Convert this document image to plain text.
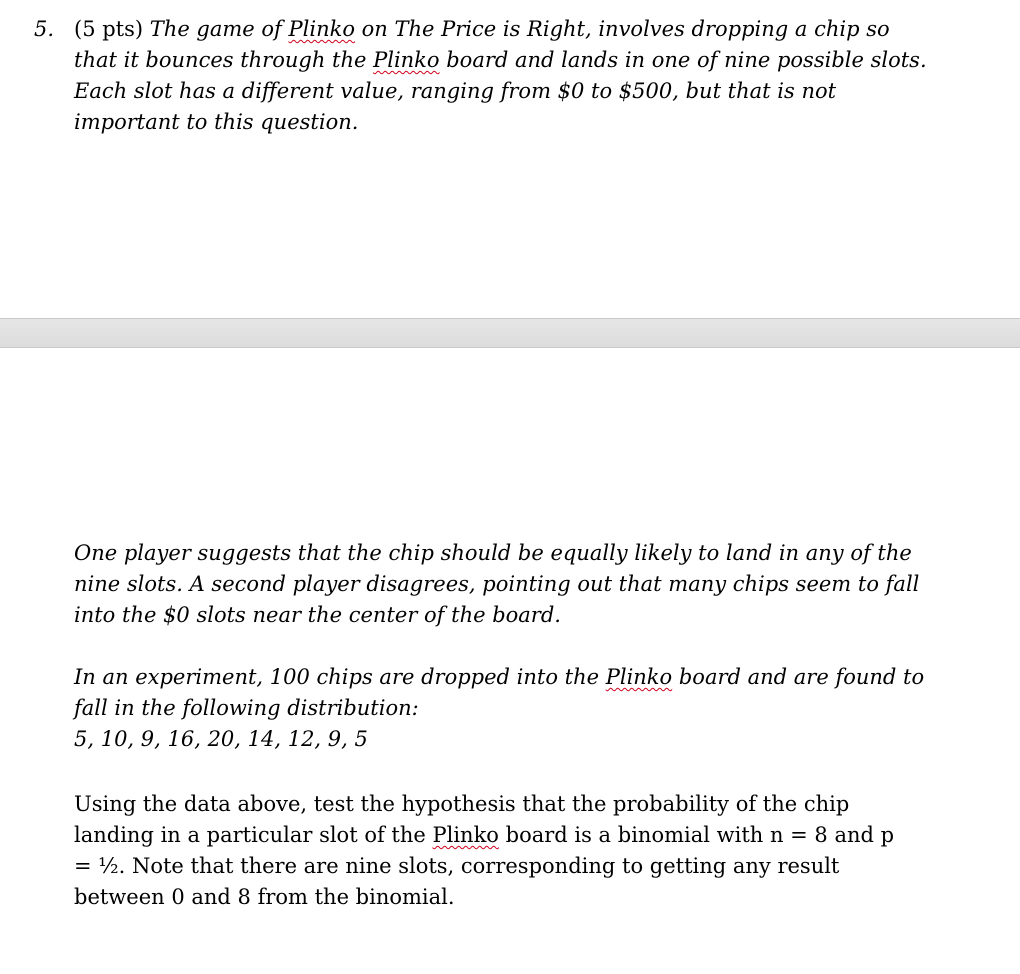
5. (5 pts) The game of Plinko on The Price is Right, involves dropping a chip so
that it bounces through the Plinko board and lands in one of nine possible slots.
Each slot has a different value, ranging from $0 to $500, but that is not
important to this question.
One player suggests that the chip should be equally likely to land in any of the
nine slots. A second player disagrees, pointing out that many chips seem to fall
into the $0 slots near the center of the board.
In an experiment, 100 chips are dropped into the Plinko board and are found to
fall in the following distribution:
5, 10, 9, 16, 20, 14, 12, 9, 5
Using the data above, test the hypothesis that the probability of the chip
landing in a particular slot of the Plinko board is a binomial with n = 8 and p
= ½. Note that there are nine slots, corresponding to getting any result
between 0 and 8 from the binomial.
